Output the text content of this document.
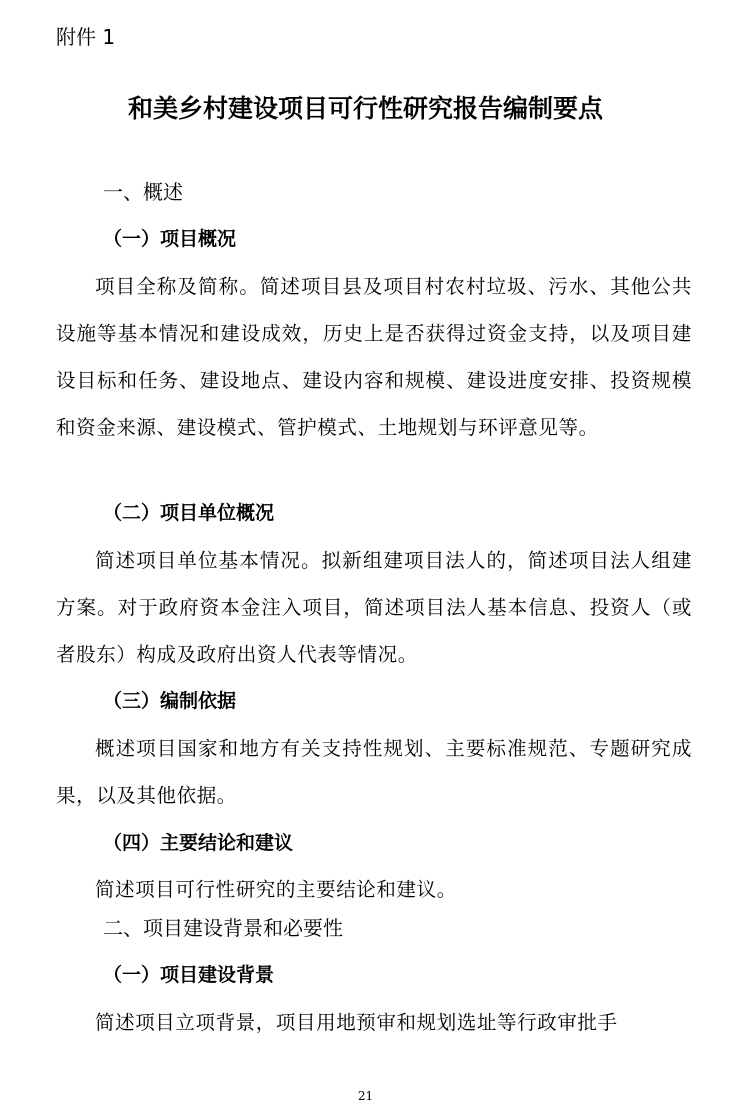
附件 1
和美乡村建设项目可行性研究报告编制要点
一、概述
（一）项目概况
项目全称及简称。简述项目县及项目村农村垃圾、污水、其他公共设施等基本情况和建设成效，历史上是否获得过资金支持，以及项目建设目标和任务、建设地点、建设内容和规模、建设进度安排、投资规模和资金来源、建设模式、管护模式、土地规划与环评意见等。
（二）项目单位概况
简述项目单位基本情况。拟新组建项目法人的，简述项目法人组建方案。对于政府资本金注入项目，简述项目法人基本信息、投资人（或者股东）构成及政府出资人代表等情况。
（三）编制依据
概述项目国家和地方有关支持性规划、主要标准规范、专题研究成果，以及其他依据。
（四）主要结论和建议
简述项目可行性研究的主要结论和建议。
二、项目建设背景和必要性
（一）项目建设背景
简述项目立项背景，项目用地预审和规划选址等行政审批手
21
